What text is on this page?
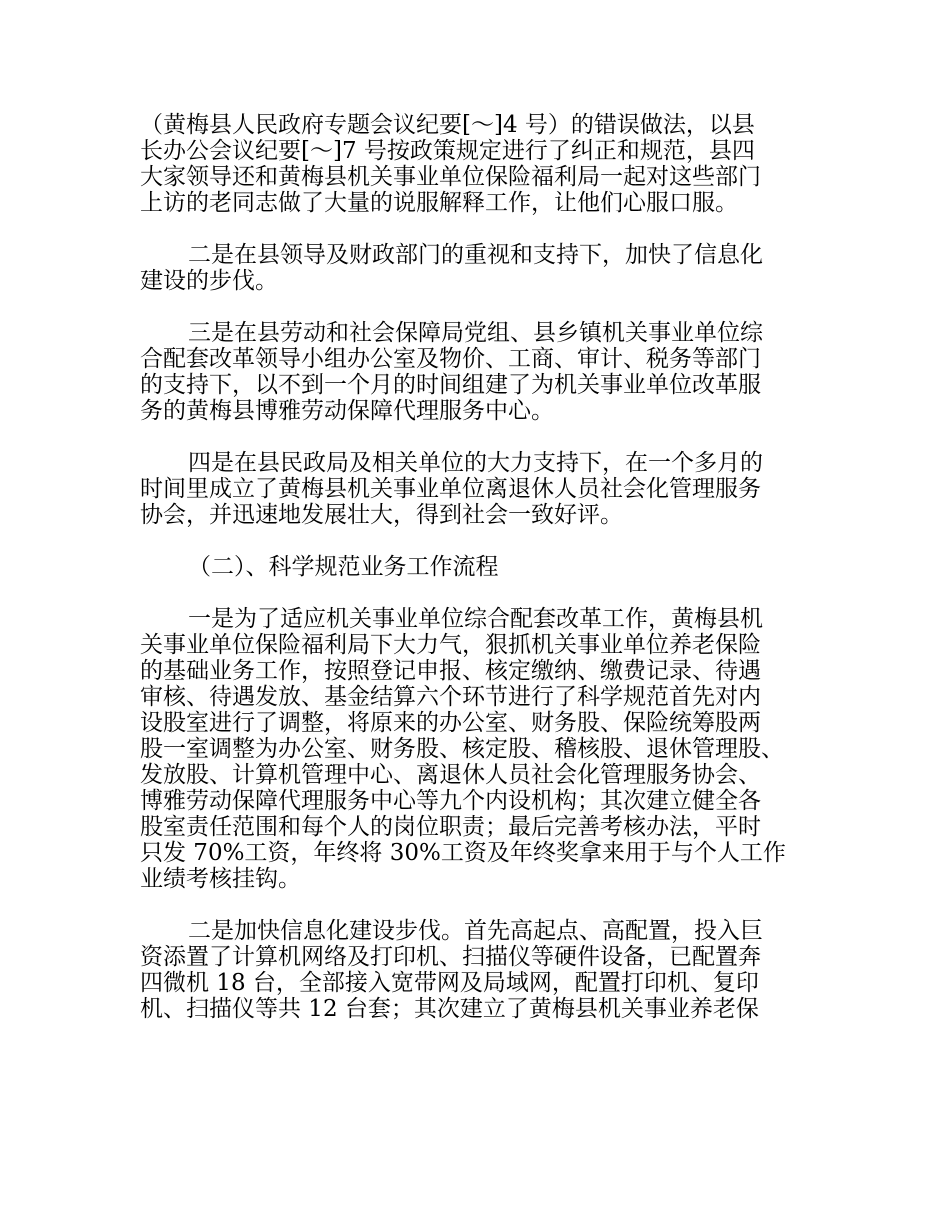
（黄梅县人民政府专题会议纪要[～]4 号）的错误做法，以县
长办公会议纪要[～]7 号按政策规定进行了纠正和规范，县四
大家领导还和黄梅县机关事业单位保险福利局一起对这些部门
上访的老同志做了大量的说服解释工作，让他们心服口服。
二是在县领导及财政部门的重视和支持下，加快了信息化
建设的步伐。
三是在县劳动和社会保障局党组、县乡镇机关事业单位综
合配套改革领导小组办公室及物价、工商、审计、税务等部门
的支持下，以不到一个月的时间组建了为机关事业单位改革服
务的黄梅县博雅劳动保障代理服务中心。
四是在县民政局及相关单位的大力支持下，在一个多月的
时间里成立了黄梅县机关事业单位离退休人员社会化管理服务
协会，并迅速地发展壮大，得到社会一致好评。
（二）、科学规范业务工作流程
一是为了适应机关事业单位综合配套改革工作，黄梅县机
关事业单位保险福利局下大力气，狠抓机关事业单位养老保险
的基础业务工作，按照登记申报、核定缴纳、缴费记录、待遇
审核、待遇发放、基金结算六个环节进行了科学规范首先对内
设股室进行了调整，将原来的办公室、财务股、保险统筹股两
股一室调整为办公室、财务股、核定股、稽核股、退休管理股、
发放股、计算机管理中心、离退休人员社会化管理服务协会、
博雅劳动保障代理服务中心等九个内设机构；其次建立健全各
股室责任范围和每个人的岗位职责；最后完善考核办法，平时
只发 70%工资，年终将 30%工资及年终奖拿来用于与个人工作
业绩考核挂钩。
二是加快信息化建设步伐。首先高起点、高配置，投入巨
资添置了计算机网络及打印机、扫描仪等硬件设备，已配置奔
四微机 18 台，全部接入宽带网及局域网，配置打印机、复印
机、扫描仪等共 12 台套；其次建立了黄梅县机关事业养老保
